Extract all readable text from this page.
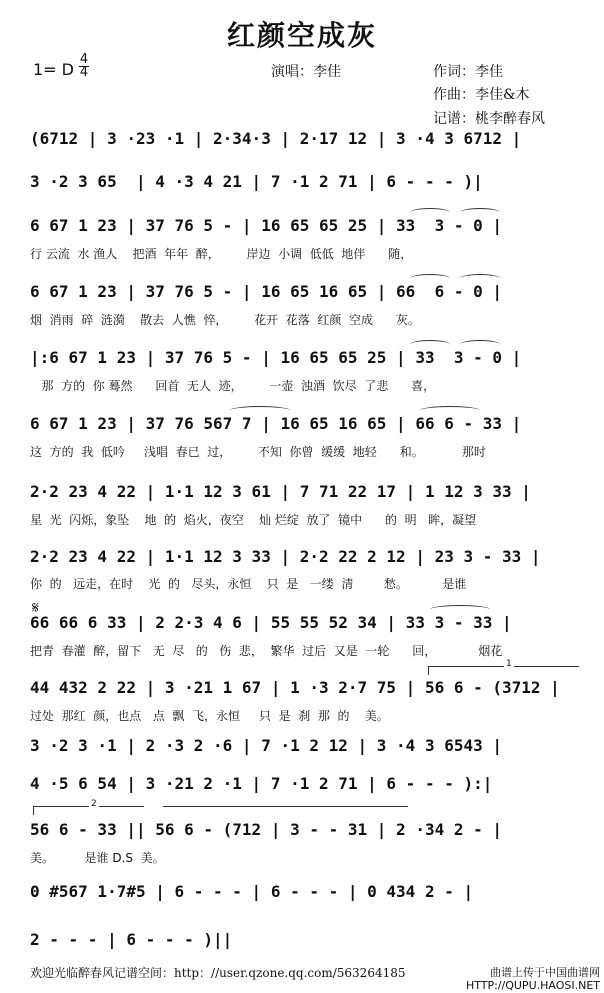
红颜空成灰
1= D
4
4	演唱：李佳	作词：李佳
作曲：李佳&木
记谱：桃李醉春风
(6712 | 3 ·23 ·1 | 2·34·3 | 2·17 12 | 3 ·4 3 6712 |
3 ·2 3 65  | 4 ·3 4 21 | 7 ·1 2 71 | 6 - - - )|
6 67 1 23 | 37 76 5 - | 16 65 65 25 | 33  3 - 0 |
行 云流  水 渔人    把酒  年年  醉，       岸边  小调  低低  地伴      随，
6 67 1 23 | 37 76 5 - | 16 65 16 65 | 66  6 - 0 |
烟  消雨  碎  涟漪    散去  人憔  悴，       花开  花落  红颜  空成      灰。
|:6 67 1 23 | 37 76 5 - | 16 65 65 25 | 33  3 - 0 |
那  方的  你 蓦然      回首  无人  迹，       一壶  浊酒  饮尽  了悲      喜，
6 67 1 23 | 37 76 567 7 | 16 65 16 65 | 66 6 - 33 |
这  方的  我  低吟     浅唱  春已  过，       不知  你曾  缓缓  地轻      和。          那时
2·2 23 4 22 | 1·1 12 3 61 | 7 71 22 17 | 1 12 3 33 |
星  光  闪烁，象坠    地  的  焰火，夜空    灿 烂绽  放了  镜中      的  明   眸，凝望
2·2 23 4 22 | 1·1 12 3 33 | 2·2 22 2 12 | 23 3 - 33 |
你  的   远走，在时    光  的   尽头，永恒    只  是   一缕  清        愁。         是谁
𝄋
66 66 6 33 | 2 2·3 4 6 | 55 55 52 34 | 33 3 - 33 |
把青  春灌  醉，留下   无  尽   的   伤  悲，  繁华  过后  又是  一轮      回，           烟花
1
44 432 2 22 | 3 ·21 1 67 | 1 ·3 2·7 75 | 56 6 - (3712 |
过处  那红  颜，也点   点  飘  飞，永恒     只  是  刹  那  的    美。
3 ·2 3 ·1 | 2 ·3 2 ·6 | 7 ·1 2 12 | 3 ·4 3 6543 |
4 ·5 6 54 | 3 ·21 2 ·1 | 7 ·1 2 71 | 6 - - - ):|
2
56 6 - 33 || 56 6 - (712 | 3 - - 31 | 2 ·34 2 - |
美。        是谁 D.S  美。
0 #567 1·7#5 | 6 - - - | 6 - - - | 0 434 2 - |
2 - - - | 6 - - - )||
欢迎光临醉春风记谱空间：http：//user.qzone.qq.com/563264185	曲谱上传于中国曲谱网
HTTP://QUPU.HAOSI.NET
